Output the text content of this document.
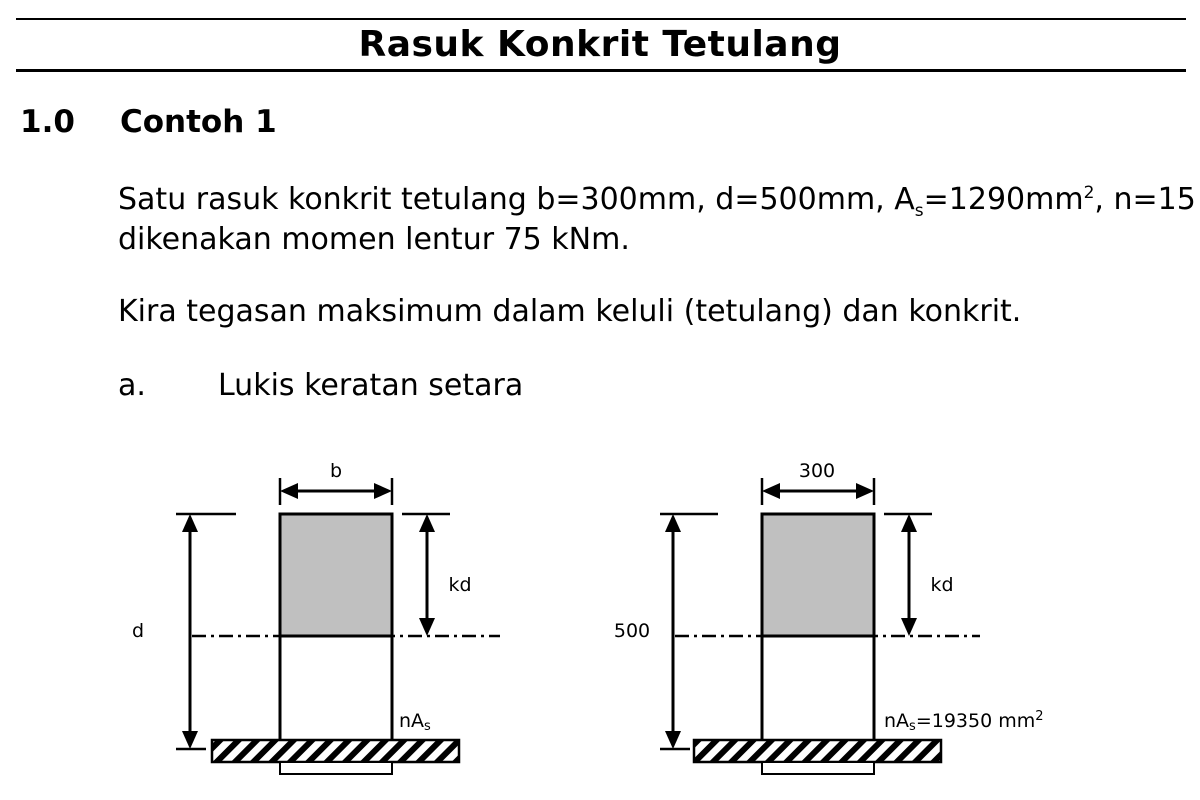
Rasuk Konkrit Tetulang
1.0 Contoh 1
Satu rasuk konkrit tetulang b=300mm, d=500mm, $A_s=1290mm^2$, n=15
dikenakan momen lentur 75 kNm.
Kira tegasan maksimum dalam keluli (tetulang) dan konkrit.
a. Lukis keratan setara
b
d
kd
nAs
300
500
kd
nAs=19350 $mm^2$
